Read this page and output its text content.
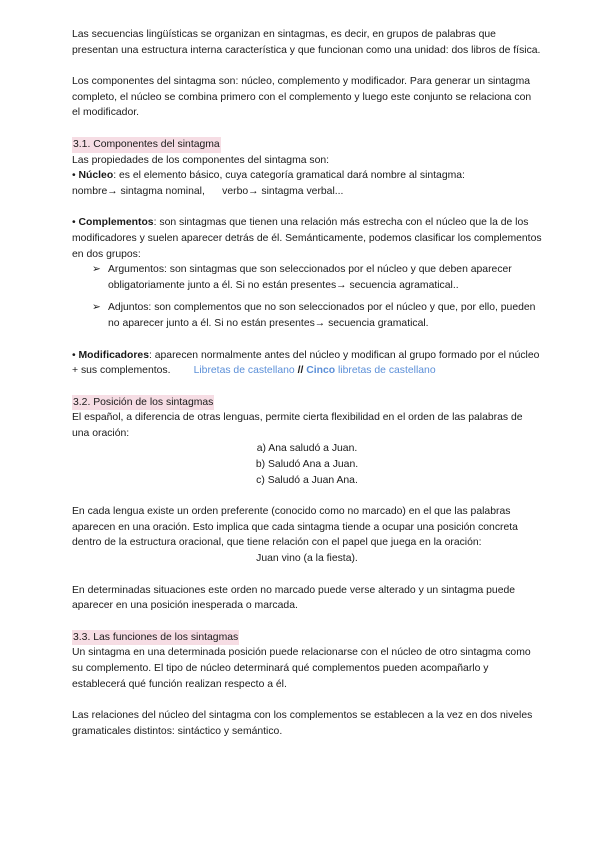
Las secuencias lingüísticas se organizan en sintagmas, es decir, en grupos de palabras que presentan una estructura interna característica y que funcionan como una unidad: dos libros de física.

Los componentes del sintagma son: núcleo, complemento y modificador. Para generar un sintagma completo, el núcleo se combina primero con el complemento y luego este conjunto se relaciona con el modificador.

3.1. Componentes del sintagma

Las propiedades de los componentes del sintagma son:

• Núcleo: es el elemento básico, cuya categoría gramatical dará nombre al sintagma:

nombre→ sintagma nominal,      verbo→ sintagma verbal...

• Complementos: son sintagmas que tienen una relación más estrecha con el núcleo que la de los modificadores y suelen aparecer detrás de él. Semánticamente, podemos clasificar los complementos en dos grupos:

➢ Argumentos: son sintagmas que son seleccionados por el núcleo y que deben aparecer obligatoriamente junto a él. Si no están presentes→ secuencia agramatical..
➢ Adjuntos: son complementos que no son seleccionados por el núcleo y que, por ello, pueden no aparecer junto a él. Si no están presentes→ secuencia gramatical.

• Modificadores: aparecen normalmente antes del núcleo y modifican al grupo formado por el núcleo + sus complementos. Libretas de castellano // Cinco libretas de castellano

3.2. Posición de los sintagmas

El español, a diferencia de otras lenguas, permite cierta flexibilidad en el orden de las palabras de una oración:

a) Ana saludó a Juan.

b) Saludó Ana a Juan.

c) Saludó a Juan Ana.

En cada lengua existe un orden preferente (conocido como no marcado) en el que las palabras aparecen en una oración. Esto implica que cada sintagma tiende a ocupar una posición concreta dentro de la estructura oracional, que tiene relación con el papel que juega en la oración:

Juan vino (a la fiesta).

En determinadas situaciones este orden no marcado puede verse alterado y un sintagma puede aparecer en una posición inesperada o marcada.

3.3. Las funciones de los sintagmas

Un sintagma en una determinada posición puede relacionarse con el núcleo de otro sintagma como su complemento. El tipo de núcleo determinará qué complementos pueden acompañarlo y establecerá qué función realizan respecto a él.

Las relaciones del núcleo del sintagma con los complementos se establecen a la vez en dos niveles gramaticales distintos: sintáctico y semántico.
